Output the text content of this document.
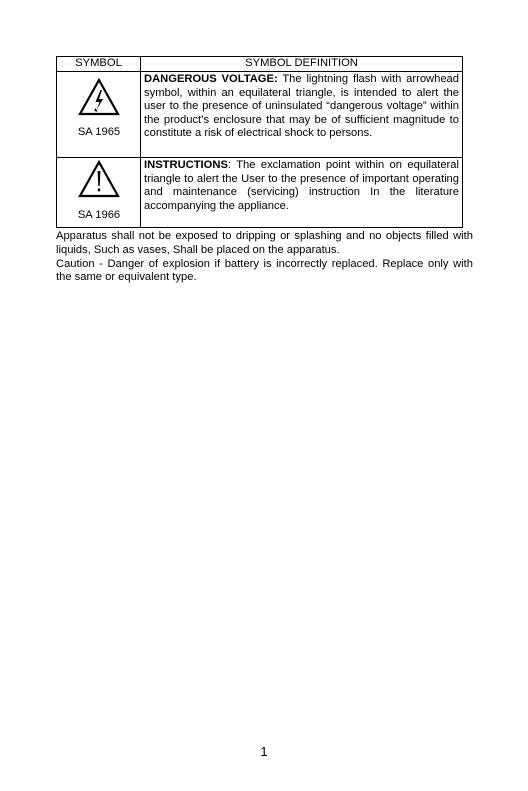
SYMBOL	SYMBOL DEFINITION

SA 1965	DANGEROUS VOLTAGE: The lightning flash with arrowhead symbol, within an equilateral triangle, is intended to alert the user to the presence of uninsulated “dangerous voltage” within the product’s enclosure that may be of sufficient magnitude to constitute a risk of electrical shock to persons.

SA 1966	INSTRUCTIONS: The exclamation point within on equilateral triangle to alert the User to the presence of important operating and maintenance (servicing) instruction In the literature accompanying the appliance.

Apparatus shall not be exposed to dripping or splashing and no objects filled with liquids, Such as vases, Shall be placed on the apparatus.

Caution - Danger of explosion if battery is incorrectly replaced. Replace only with the same or equivalent type.

1
